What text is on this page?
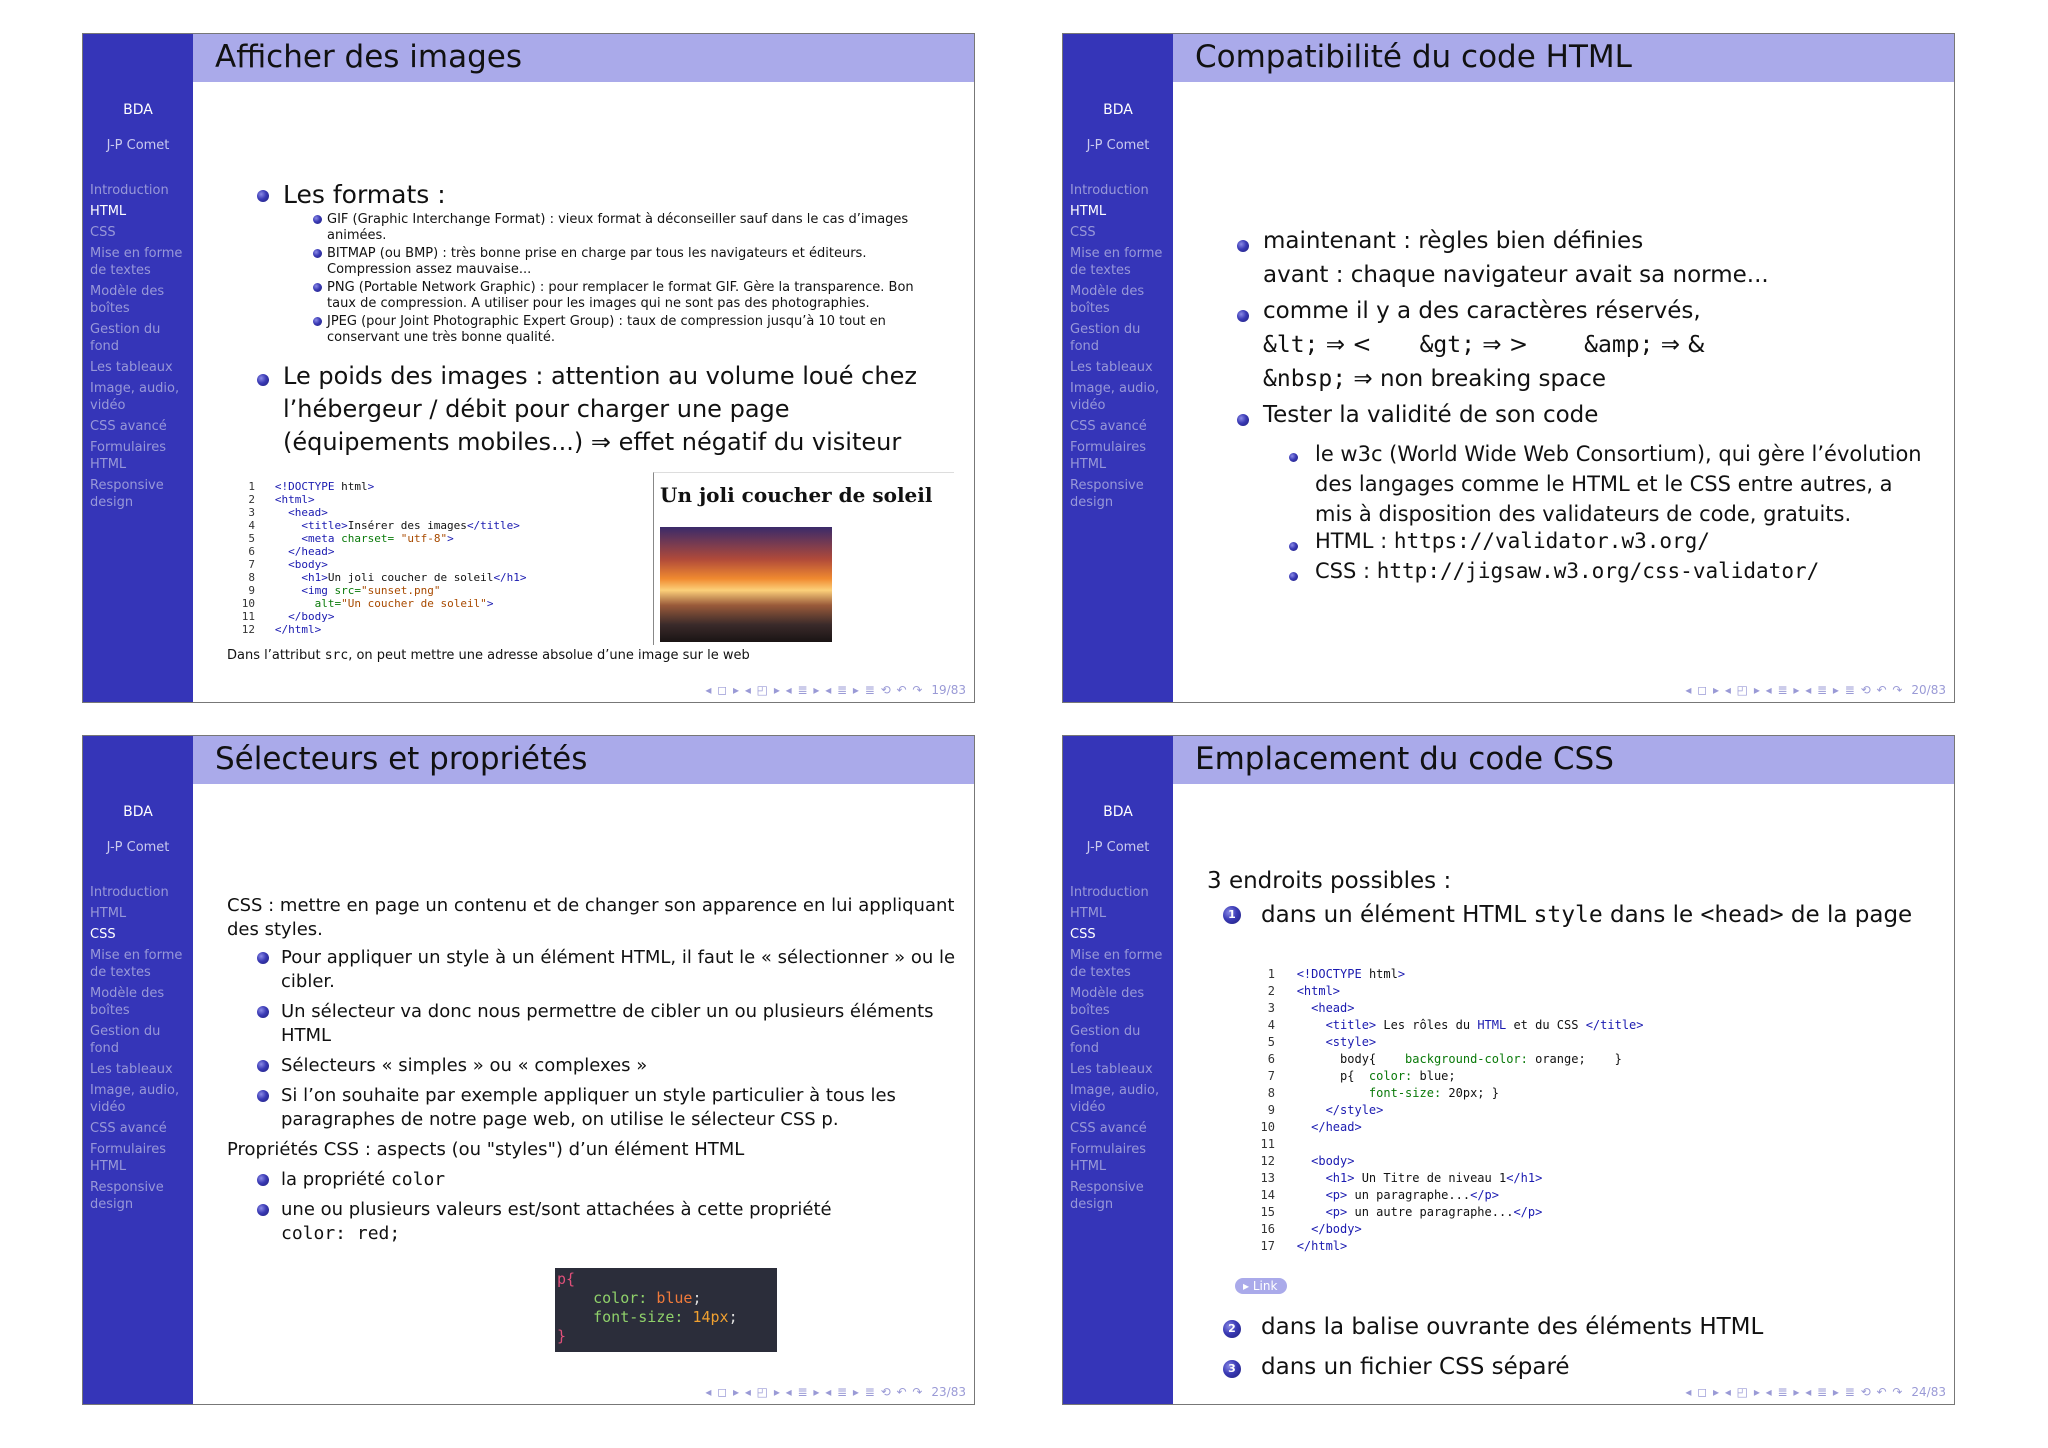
BDA
J-P Comet
Introduction
HTML
CSS
Mise en forme de textes
Modèle des boîtes
Gestion du fond
Les tableaux
Image, audio, vidéo
CSS avancé
Formulaires HTML
Responsive design
Afficher des images
Les formats :
GIF (Graphic Interchange Format) : vieux format à déconseiller sauf dans le cas d’images animées.
BITMAP (ou BMP) : très bonne prise en charge par tous les navigateurs et éditeurs. Compression assez mauvaise...
PNG (Portable Network Graphic) : pour remplacer le format GIF. Gère la transparence. Bon taux de compression. A utiliser pour les images qui ne sont pas des photographies.
JPEG (pour Joint Photographic Expert Group) : taux de compression jusqu’à 10 tout en conservant une très bonne qualité.
Le poids des images : attention au volume loué chez l’hébergeur / débit pour charger une page (équipements mobiles...) ⇒ effet négatif du visiteur
1 <!DOCTYPE html>
2 <html>
3	<head>
4	<title>Insérer des images</title>
5	<meta charset= "utf-8">
6	</head>
7	<body>
8	<h1>Un joli coucher de soleil</h1>
9	<img src="sunset.png"
10	alt="Un coucher de soleil">
11	</body>
12 </html>
Un joli coucher de soleil
Dans l’attribut src, on peut mettre une adresse absolue d’une image sur le web
◂ ◻ ▸ ◂ ◰ ▸ ◂ ≣ ▸ ◂ ≣ ▸ ≣ ⟲ ↶ ↷ 19/83
BDA
J-P Comet
Introduction
HTML
CSS
Mise en forme de textes
Modèle des boîtes
Gestion du fond
Les tableaux
Image, audio, vidéo
CSS avancé
Formulaires HTML
Responsive design
Compatibilité du code HTML
maintenant : règles bien définies
avant : chaque navigateur avait sa norme...
comme il y a des caractères réservés,
&lt; ⇒ < &gt; ⇒ > &amp; ⇒ &
&nbsp; ⇒ non breaking space
Tester la validité de son code
le w3c (World Wide Web Consortium), qui gère l’évolution des langages comme le HTML et le CSS entre autres, a mis à disposition des validateurs de code, gratuits.
HTML : https://validator.w3.org/
CSS : http://jigsaw.w3.org/css-validator/
◂ ◻ ▸ ◂ ◰ ▸ ◂ ≣ ▸ ◂ ≣ ▸ ≣ ⟲ ↶ ↷ 20/83
BDA
J-P Comet
Introduction
HTML
CSS
Mise en forme de textes
Modèle des boîtes
Gestion du fond
Les tableaux
Image, audio, vidéo
CSS avancé
Formulaires HTML
Responsive design
Sélecteurs et propriétés
CSS : mettre en page un contenu et de changer son apparence en lui appliquant des styles.
Pour appliquer un style à un élément HTML, il faut le « sélectionner » ou le cibler.
Un sélecteur va donc nous permettre de cibler un ou plusieurs éléments HTML
Sélecteurs « simples » ou « complexes »
Si l’on souhaite par exemple appliquer un style particulier à tous les paragraphes de notre page web, on utilise le sélecteur CSS p.
Propriétés CSS : aspects (ou "styles") d’un élément HTML
la propriété color
une ou plusieurs valeurs est/sont attachées à cette propriété
color: red;
p{
color: blue;
font-size: 14px;
}
◂ ◻ ▸ ◂ ◰ ▸ ◂ ≣ ▸ ◂ ≣ ▸ ≣ ⟲ ↶ ↷ 23/83
BDA
J-P Comet
Introduction
HTML
CSS
Mise en forme de textes
Modèle des boîtes
Gestion du fond
Les tableaux
Image, audio, vidéo
CSS avancé
Formulaires HTML
Responsive design
Emplacement du code CSS
3 endroits possibles :
1 dans un élément HTML style dans le <head> de la page
1 <!DOCTYPE html>
2 <html>
3	<head>
4	<title> Les rôles du HTML et du CSS </title>
5	<style>
6         body{    background-color: orange;    }
7         p{  color: blue;
8	font-size: 20px; }
9	</style>
10	</head>
11
12	<body>
13	<h1> Un Titre de niveau 1</h1>
14	<p> un paragraphe...</p>
15	<p> un autre paragraphe...</p>
16	</body>
17 </html>
▸ Link
2 dans la balise ouvrante des éléments HTML
3 dans un fichier CSS séparé
◂ ◻ ▸ ◂ ◰ ▸ ◂ ≣ ▸ ◂ ≣ ▸ ≣ ⟲ ↶ ↷ 24/83
